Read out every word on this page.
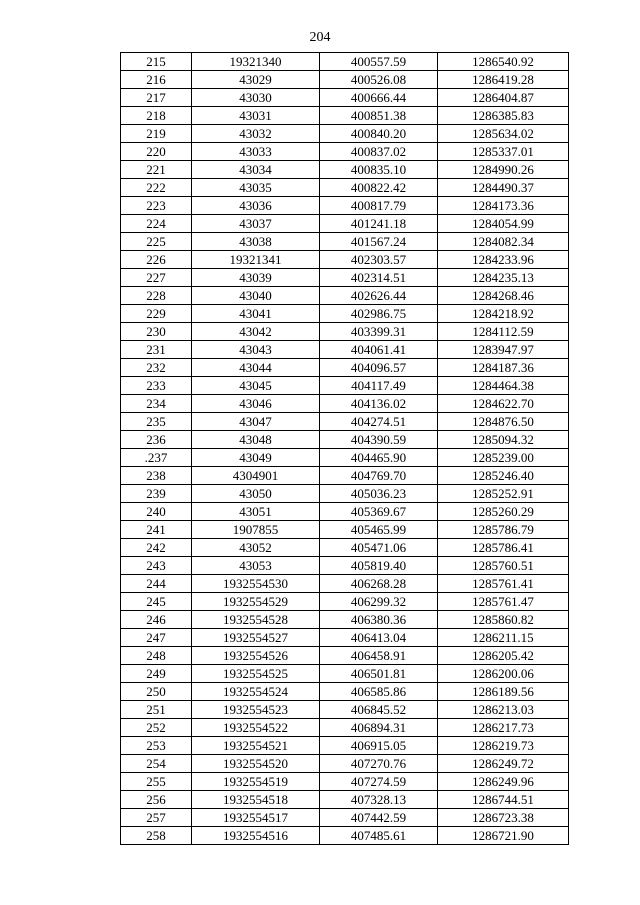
204
215	19321340	400557.59	1286540.92
216	43029	400526.08	1286419.28
217	43030	400666.44	1286404.87
218	43031	400851.38	1286385.83
219	43032	400840.20	1285634.02
220	43033	400837.02	1285337.01
221	43034	400835.10	1284990.26
222	43035	400822.42	1284490.37
223	43036	400817.79	1284173.36
224	43037	401241.18	1284054.99
225	43038	401567.24	1284082.34
226	19321341	402303.57	1284233.96
227	43039	402314.51	1284235.13
228	43040	402626.44	1284268.46
229	43041	402986.75	1284218.92
230	43042	403399.31	1284112.59
231	43043	404061.41	1283947.97
232	43044	404096.57	1284187.36
233	43045	404117.49	1284464.38
234	43046	404136.02	1284622.70
235	43047	404274.51	1284876.50
236	43048	404390.59	1285094.32
.237	43049	404465.90	1285239.00
238	4304901	404769.70	1285246.40
239	43050	405036.23	1285252.91
240	43051	405369.67	1285260.29
241	1907855	405465.99	1285786.79
242	43052	405471.06	1285786.41
243	43053	405819.40	1285760.51
244	1932554530	406268.28	1285761.41
245	1932554529	406299.32	1285761.47
246	1932554528	406380.36	1285860.82
247	1932554527	406413.04	1286211.15
248	1932554526	406458.91	1286205.42
249	1932554525	406501.81	1286200.06
250	1932554524	406585.86	1286189.56
251	1932554523	406845.52	1286213.03
252	1932554522	406894.31	1286217.73
253	1932554521	406915.05	1286219.73
254	1932554520	407270.76	1286249.72
255	1932554519	407274.59	1286249.96
256	1932554518	407328.13	1286744.51
257	1932554517	407442.59	1286723.38
258	1932554516	407485.61	1286721.90
